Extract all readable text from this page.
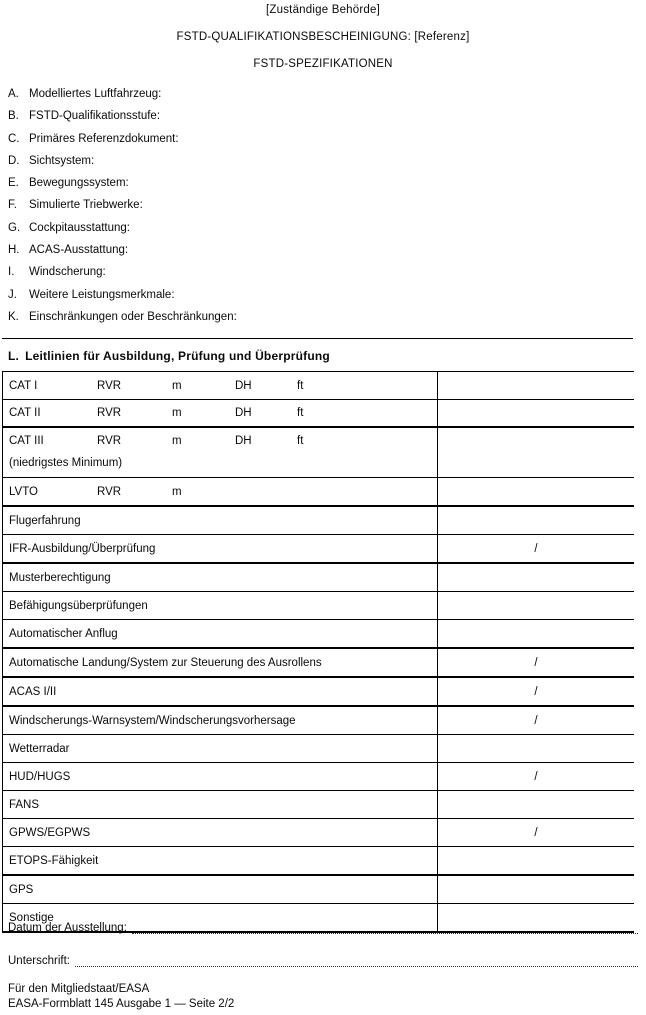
[Zuständige Behörde]
FSTD-QUALIFIKATIONSBESCHEINIGUNG: [Referenz]
FSTD-SPEZIFIKATIONEN
A. Modelliertes Luftfahrzeug:
B. FSTD-Qualifikationsstufe:
C. Primäres Referenzdokument:
D. Sichtsystem:
E. Bewegungssystem:
F.	Simulierte Triebwerke:
G. Cockpitausstattung:
H. ACAS-Ausstattung:
I.	Windscherung:
J.	Weitere Leistungsmerkmale:
K. Einschränkungen oder Beschränkungen:
L. Leitlinien für Ausbildung, Prüfung und Überprüfung
CAT I	RVR	m	DH	ft
CAT II	RVR	m	DH	ft
CAT III	RVR	m	DH	ft
(niedrigstes Minimum)
LVTO	RVR	m
Flugerfahrung
IFR-Ausbildung/Überprüfung	/
Musterberechtigung
Befähigungsüberprüfungen
Automatischer Anflug
Automatische Landung/System zur Steuerung des Ausrollens	/
ACAS I/II	/
Windscherungs-Warnsystem/Windscherungsvorhersage	/
Wetterradar
HUD/HUGS	/
FANS
GPWS/EGPWS	/
ETOPS-Fähigkeit
GPS
Sonstige
Datum der Ausstellung:
Unterschrift:
Für den Mitgliedstaat/EASA
EASA-Formblatt 145 Ausgabe 1 — Seite 2/2
